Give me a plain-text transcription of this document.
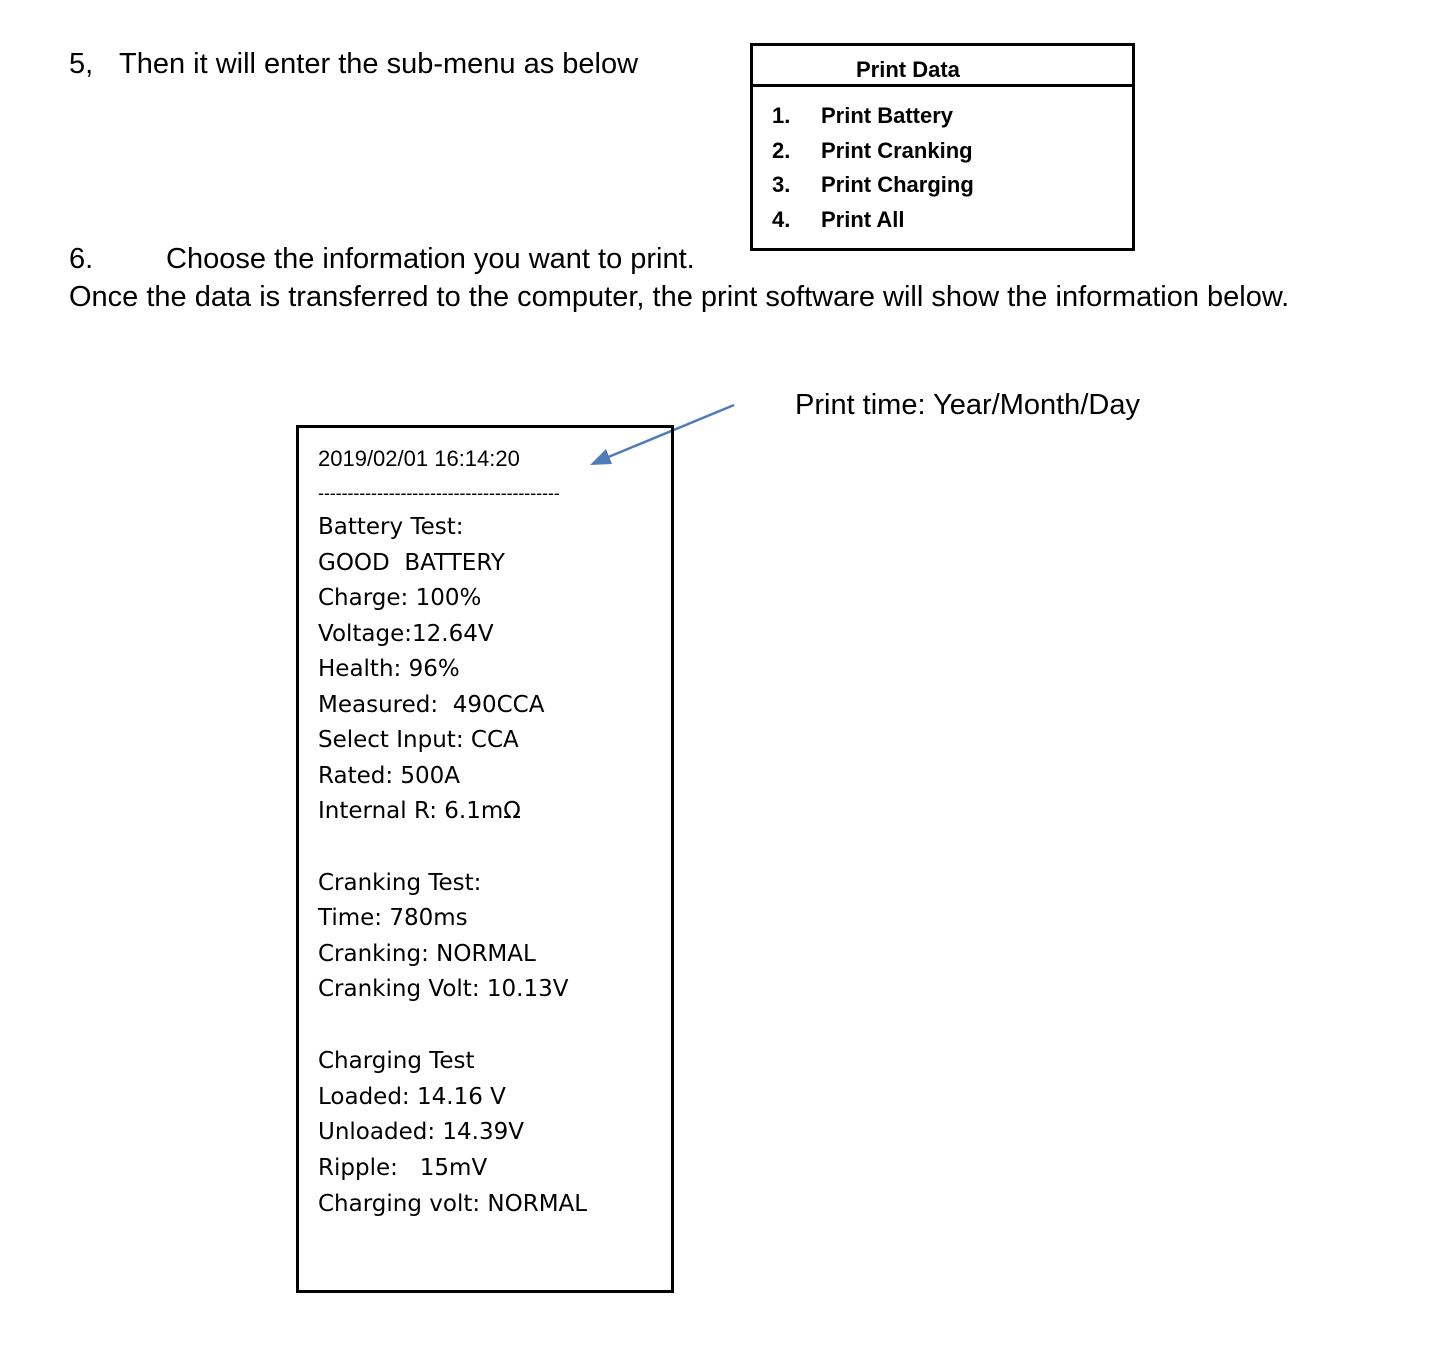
5, Then it will enter the sub-menu as below	Print Data
1. Print Battery
2. Print Cranking
3. Print Charging
4. Print All
6.	Choose the information you want to print.
Once the data is transferred to the computer, the print software will show the information below.
Print time: Year/Month/Day
2019/02/01 16:14:20
-----------------------------------------
Battery Test:
GOOD  BATTERY
Charge: 100%
Voltage:12.64V
Health: 96%
Measured:  490CCA
Select Input: CCA
Rated: 500A
Internal R: 6.1mΩ
Cranking Test:
Time: 780ms
Cranking: NORMAL
Cranking Volt: 10.13V
Charging Test
Loaded: 14.16 V
Unloaded: 14.39V
Ripple:   15mV
Charging volt: NORMAL
